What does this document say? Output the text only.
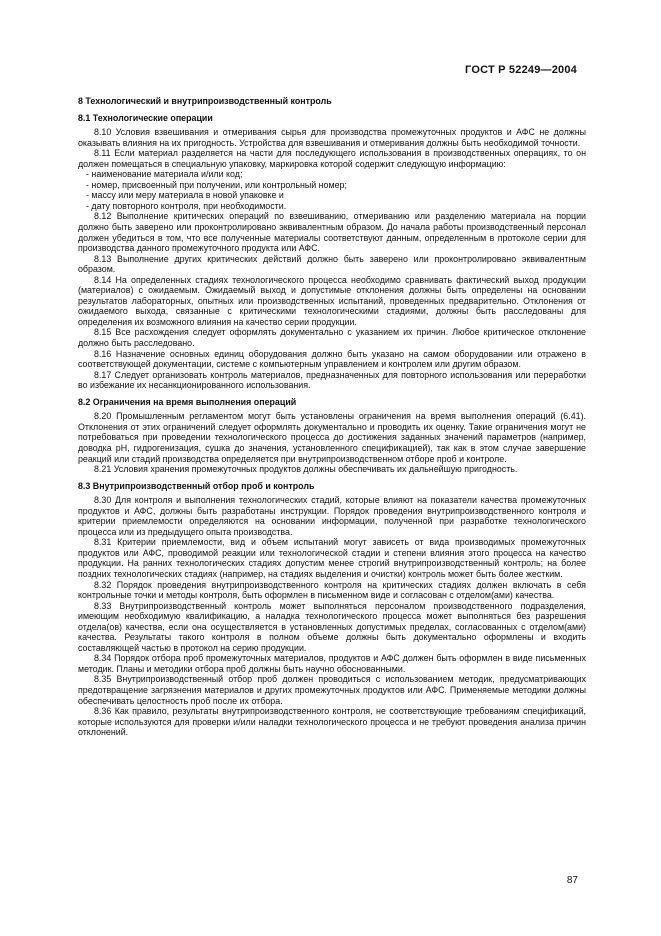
ГОСТ Р 52249—2004

8 Технологический и внутрипроизводственный контроль

8.1 Технологические операции

8.10 Условия взвешивания и отмеривания сырья для производства промежуточных продуктов и АФС не должны оказывать влияния на их пригодность. Устройства для взвешивания и отмеривания должны быть необходимой точности.

8.11 Если материал разделяется на части для последующего использования в производственных операциях, то он должен помещаться в специальную упаковку, маркировка которой содержит следующую информацию:

- наименование материала и/или код;

- номер, присвоенный при получении, или контрольный номер;

- массу или меру материала в новой упаковке и

- дату повторного контроля, при необходимости.

8.12 Выполнение критических операций по взвешиванию, отмериванию или разделению материала на порции должно быть заверено или проконтролировано эквивалентным образом. До начала работы производственный персонал должен убедиться в том, что все полученные материалы соответствуют данным, определенным в протоколе серии для производства данного промежуточного продукта или АФС.

8.13 Выполнение других критических действий должно быть заверено или проконтролировано эквивалентным образом.

8.14 На определенных стадиях технологического процесса необходимо сравнивать фактический выход продукции (материалов) с ожидаемым. Ожидаемый выход и допустимые отклонения должны быть определены на основании результатов лабораторных, опытных или производственных испытаний, проведенных предварительно. Отклонения от ожидаемого выхода, связанные с критическими технологическими стадиями, должны быть расследованы для определения их возможного влияния на качество серии продукции.

8.15 Все расхождения следует оформлять документально с указанием их причин. Любое критическое отклонение должно быть расследовано.

8.16 Назначение основных единиц оборудования должно быть указано на самом оборудовании или отражено в соответствующей документации, системе с компьютерным управлением и контролем или другим образом.

8.17 Следует организовать контроль материалов, предназначенных для повторного использования или переработки во избежание их несанкционированного использования.

8.2 Ограничения на время выполнения операций

8.20 Промышленным регламентом могут быть установлены ограничения на время выполнения операций (6.41). Отклонения от этих ограничений следует оформлять документально и проводить их оценку. Такие ограничения могут не потребоваться при проведении технологического процесса до достижения заданных значений параметров (например, доводка pH, гидрогенизация, сушка до значения, установленного спецификацией), так как в этом случае завершение реакций или стадий производства определяется при внутрипроизводственном отборе проб и контроле.

8.21 Условия хранения промежуточных продуктов должны обеспечивать их дальнейшую пригодность.

8.3 Внутрипроизводственный отбор проб и контроль

8.30 Для контроля и выполнения технологических стадий, которые влияют на показатели качества промежуточных продуктов и АФС, должны быть разработаны инструкции. Порядок проведения внутрипроизводственного контроля и критерии приемлемости определяются на основании информации, полученной при разработке технологического процесса или из предыдущего опыта производства.

8.31 Критерии приемлемости, вид и объем испытаний могут зависеть от вида производимых промежуточных продуктов или АФС, проводимой реакции или технологической стадии и степени влияния этого процесса на качество продукции. На ранних технологических стадиях допустим менее строгий внутрипроизводственный контроль; на более поздних технологических стадиях (например, на стадиях выделения и очистки) контроль может быть более жестким.

8.32 Порядок проведения внутрипроизводственного контроля на критических стадиях должен включать в себя контрольные точки и методы контроля, быть оформлен в письменном виде и согласован с отделом(ами) качества.

8.33 Внутрипроизводственный контроль может выполняться персоналом производственного подразделения, имеющим необходимую квалификацию, а наладка технологического процесса может выполняться без разрешения отдела(ов) качества, если она осуществляется в установленных допустимых пределах, согласованных с отделом(ами) качества. Результаты такого контроля в полном объеме должны быть документально оформлены и входить составляющей частью в протокол на серию продукции.

8.34 Порядок отбора проб промежуточных материалов, продуктов и АФС должен быть оформлен в виде письменных методик. Планы и методики отбора проб должны быть научно обоснованными.

8.35 Внутрипроизводственный отбор проб должен проводиться с использованием методик, предусматривающих предотвращение загрязнения материалов и других промежуточных продуктов или АФС. Применяемые методики должны обеспечивать целостность проб после их отбора.

8.36 Как правило, результаты внутрипроизводственного контроля, не соответствующие требованиям спецификаций, которые используются для проверки и/или наладки технологического процесса и не требуют проведения анализа причин отклонений.

87
